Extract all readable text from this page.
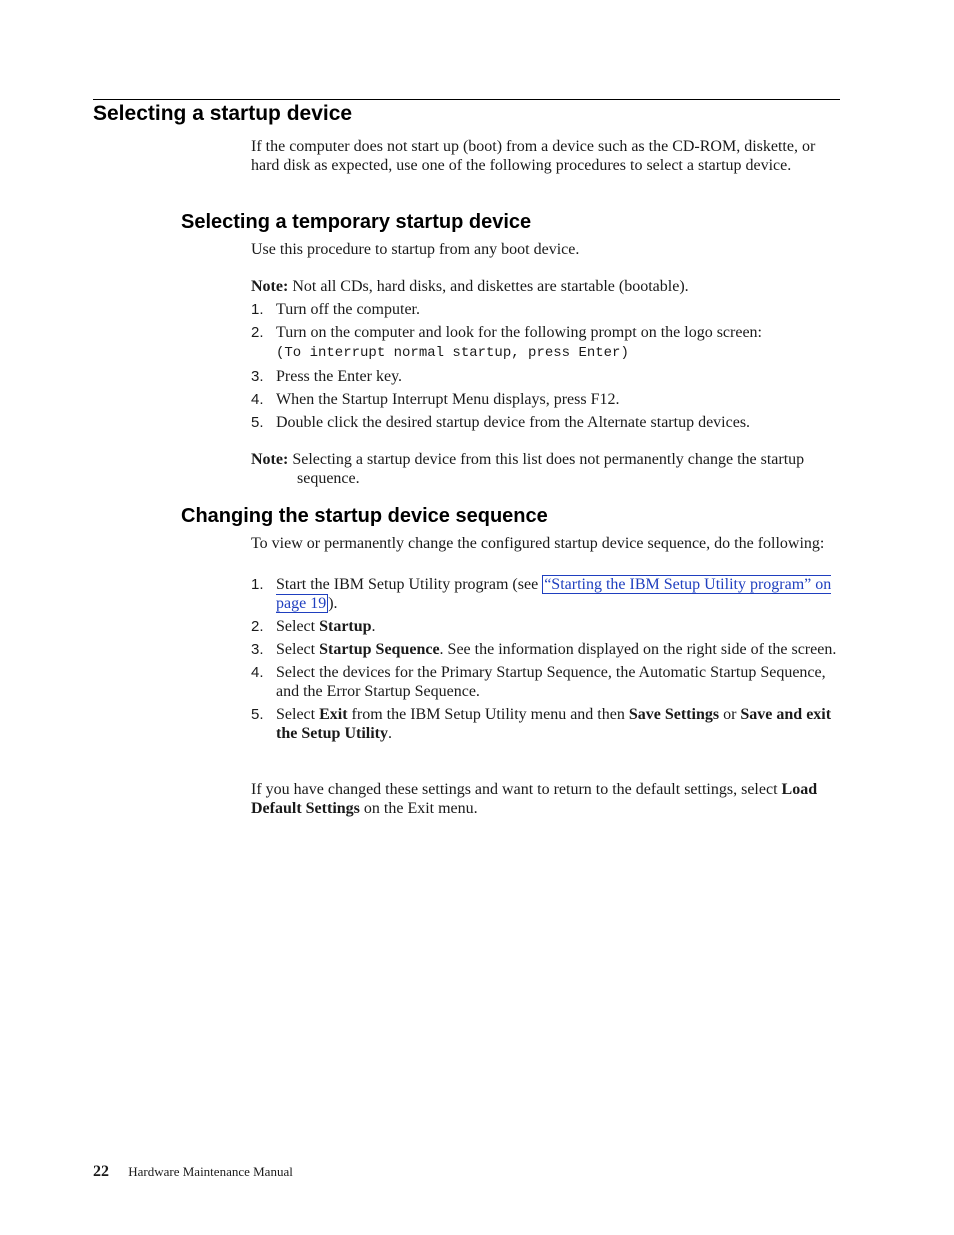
Selecting a startup device

If the computer does not start up (boot) from a device such as the CD-ROM, diskette, or hard disk as expected, use one of the following procedures to select a startup device.

Selecting a temporary startup device

Use this procedure to startup from any boot device.

Note: Not all CDs, hard disks, and diskettes are startable (bootable).
1. Turn off the computer.
2. Turn on the computer and look for the following prompt on the logo screen:
(To interrupt normal startup, press Enter)
3. Press the Enter key.
4. When the Startup Interrupt Menu displays, press F12.
5. Double click the desired startup device from the Alternate startup devices.
Note: Selecting a startup device from this list does not permanently change the startup sequence.
Changing the startup device sequence

To view or permanently change the configured startup device sequence, do the following:

1. Start the IBM Setup Utility program (see “Starting the IBM Setup Utility program” on page 19 ).
2. Select Startup.
3. Select Startup Sequence. See the information displayed on the right side of the screen.
4. Select the devices for the Primary Startup Sequence, the Automatic Startup Sequence, and the Error Startup Sequence.
5. Select Exit from the IBM Setup Utility menu and then Save Settings or Save and exit the Setup Utility.

If you have changed these settings and want to return to the default settings, select Load Default Settings on the Exit menu.

22 Hardware Maintenance Manual
